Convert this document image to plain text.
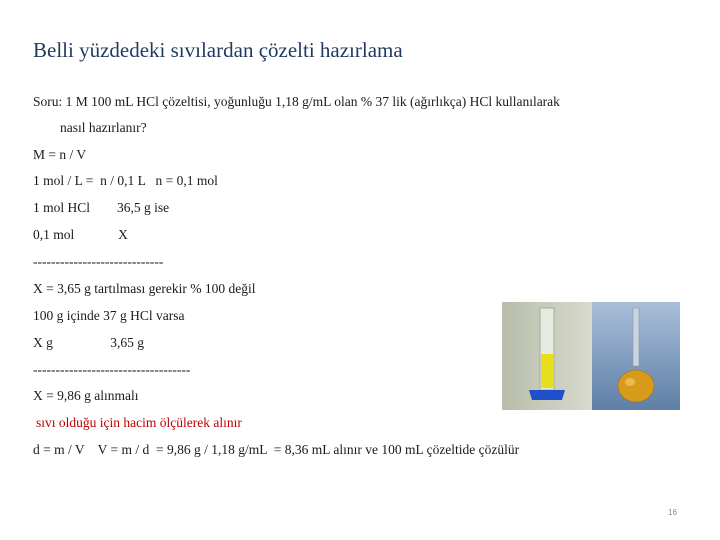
Belli yüzdedeki sıvılardan çözelti hazırlama
Soru: 1 M 100 mL HCl çözeltisi, yoğunluğu 1,18 g/mL olan % 37 lik (ağırlıkça) HCl kullanılarak
nasıl hazırlanır?
M = n / V
1 mol / L =  n / 0,1 L   n = 0,1 mol
1 mol HCl        36,5 g ise
0,1 mol             X
-----------------------------
X = 3,65 g tartılması gerekir % 100 değil
100 g içinde 37 g HCl varsa
X g                 3,65 g
-----------------------------------
X = 9,86 g alınmalı
sıvı olduğu için hacim ölçülerek alınır
d = m / V    V = m / d  = 9,86 g / 1,18 g/mL  = 8,36 mL alınır ve 100 mL çözeltide çözülür
16
